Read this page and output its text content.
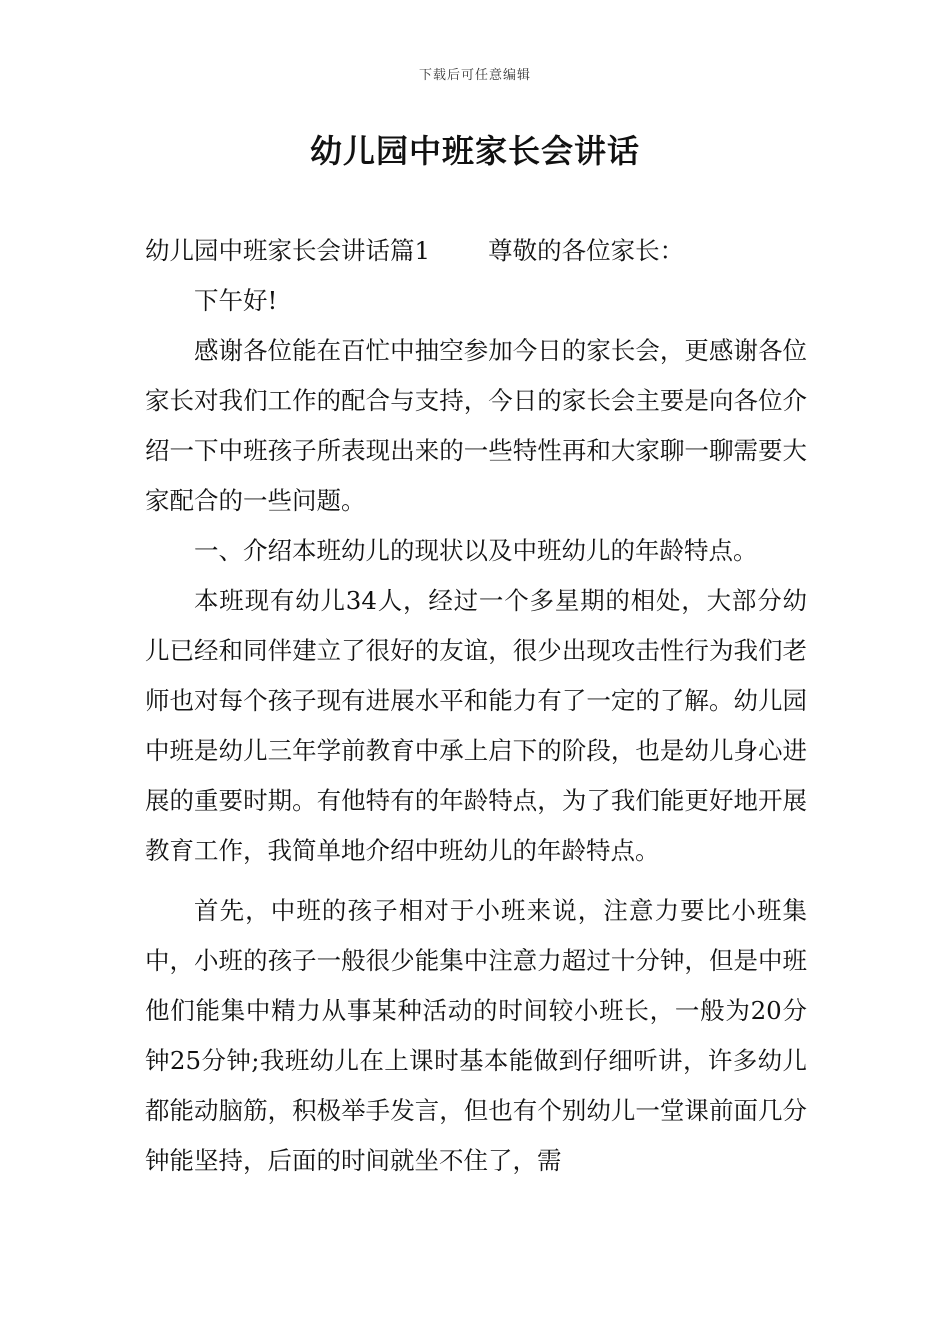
下载后可任意编辑
幼儿园中班家长会讲话

幼儿园中班家长会讲话篇1 尊敬的各位家长：

下午好!

感谢各位能在百忙中抽空参加今日的家长会，更感谢各位家长对我们工作的配合与支持，今日的家长会主要是向各位介绍一下中班孩子所表现出来的一些特性再和大家聊一聊需要大家配合的一些问题。

一、介绍本班幼儿的现状以及中班幼儿的年龄特点。

本班现有幼儿34人，经过一个多星期的相处，大部分幼儿已经和同伴建立了很好的友谊，很少出现攻击性行为我们老师也对每个孩子现有进展水平和能力有了一定的了解。幼儿园中班是幼儿三年学前教育中承上启下的阶段，也是幼儿身心进展的重要时期。有他特有的年龄特点，为了我们能更好地开展教育工作，我简单地介绍中班幼儿的年龄特点。

首先，中班的孩子相对于小班来说，注意力要比小班集中，小班的孩子一般很少能集中注意力超过十分钟，但是中班他们能集中精力从事某种活动的时间较小班长，一般为20分钟25分钟;我班幼儿在上课时基本能做到仔细听讲，许多幼儿都能动脑筋，积极举手发言，但也有个别幼儿一堂课前面几分钟能坚持，后面的时间就坐不住了，需
